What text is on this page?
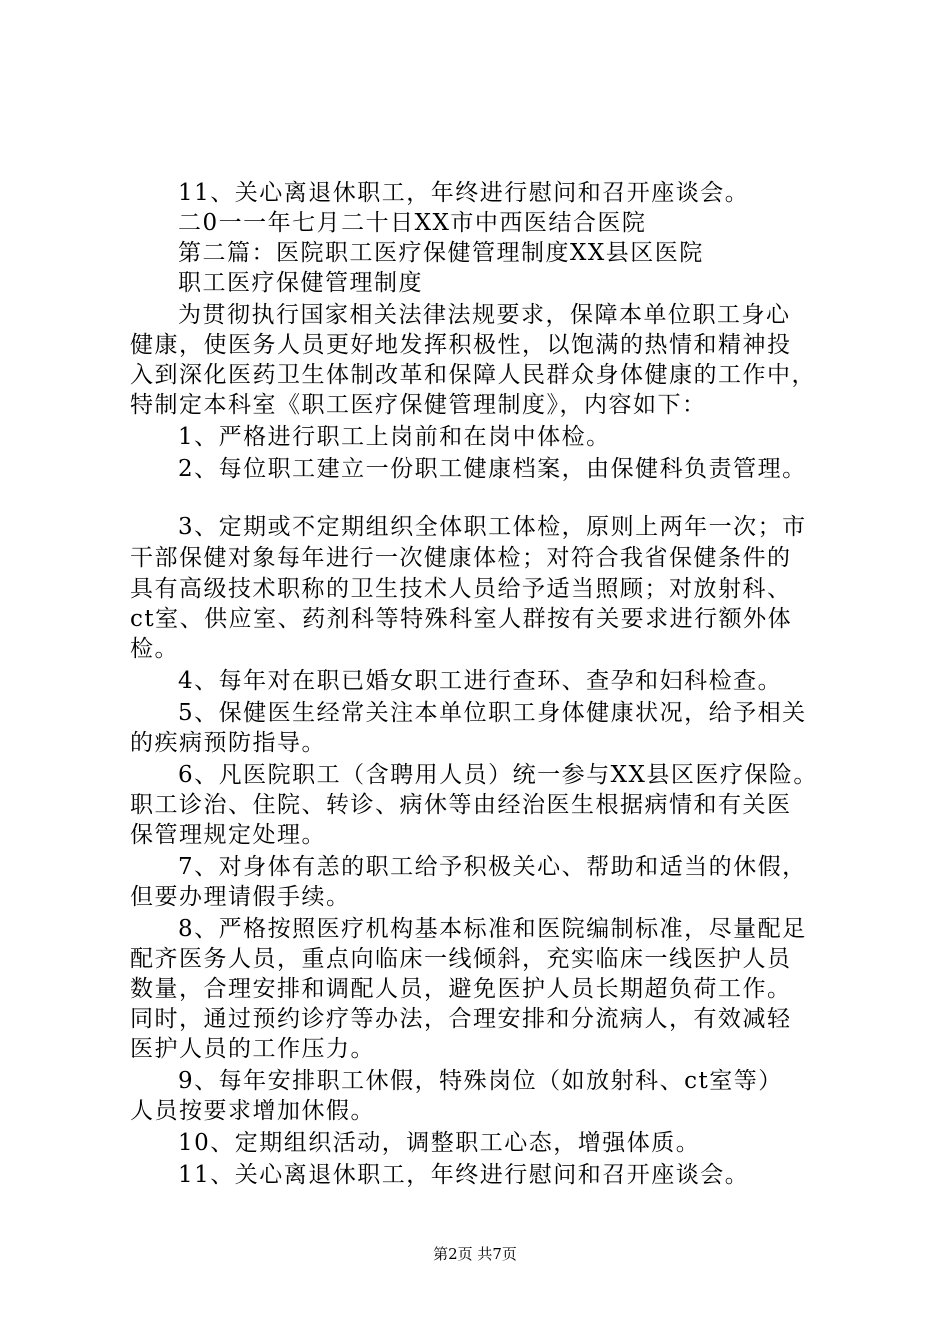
11、关心离退休职工，年终进行慰问和召开座谈会。
二0一一年七月二十日XX市中西医结合医院
第二篇：医院职工医疗保健管理制度XX县区医院
职工医疗保健管理制度
为贯彻执行国家相关法律法规要求，保障本单位职工身心
健康，使医务人员更好地发挥积极性，以饱满的热情和精神投
入到深化医药卫生体制改革和保障人民群众身体健康的工作中，
特制定本科室《职工医疗保健管理制度》，内容如下：
1、严格进行职工上岗前和在岗中体检。
2、每位职工建立一份职工健康档案，由保健科负责管理。
3、定期或不定期组织全体职工体检，原则上两年一次；市
干部保健对象每年进行一次健康体检；对符合我省保健条件的
具有高级技术职称的卫生技术人员给予适当照顾；对放射科、
ct室、供应室、药剂科等特殊科室人群按有关要求进行额外体
检。
4、每年对在职已婚女职工进行查环、查孕和妇科检查。
5、保健医生经常关注本单位职工身体健康状况，给予相关
的疾病预防指导。
6、凡医院职工（含聘用人员）统一参与XX县区医疗保险。
职工诊治、住院、转诊、病休等由经治医生根据病情和有关医
保管理规定处理。
7、对身体有恙的职工给予积极关心、帮助和适当的休假，
但要办理请假手续。
8、严格按照医疗机构基本标准和医院编制标准，尽量配足
配齐医务人员，重点向临床一线倾斜，充实临床一线医护人员
数量，合理安排和调配人员，避免医护人员长期超负荷工作。
同时，通过预约诊疗等办法，合理安排和分流病人，有效减轻
医护人员的工作压力。
9、每年安排职工休假，特殊岗位（如放射科、ct室等）
人员按要求增加休假。
10、定期组织活动，调整职工心态，增强体质。
11、关心离退休职工，年终进行慰问和召开座谈会。
第2页 共7页
